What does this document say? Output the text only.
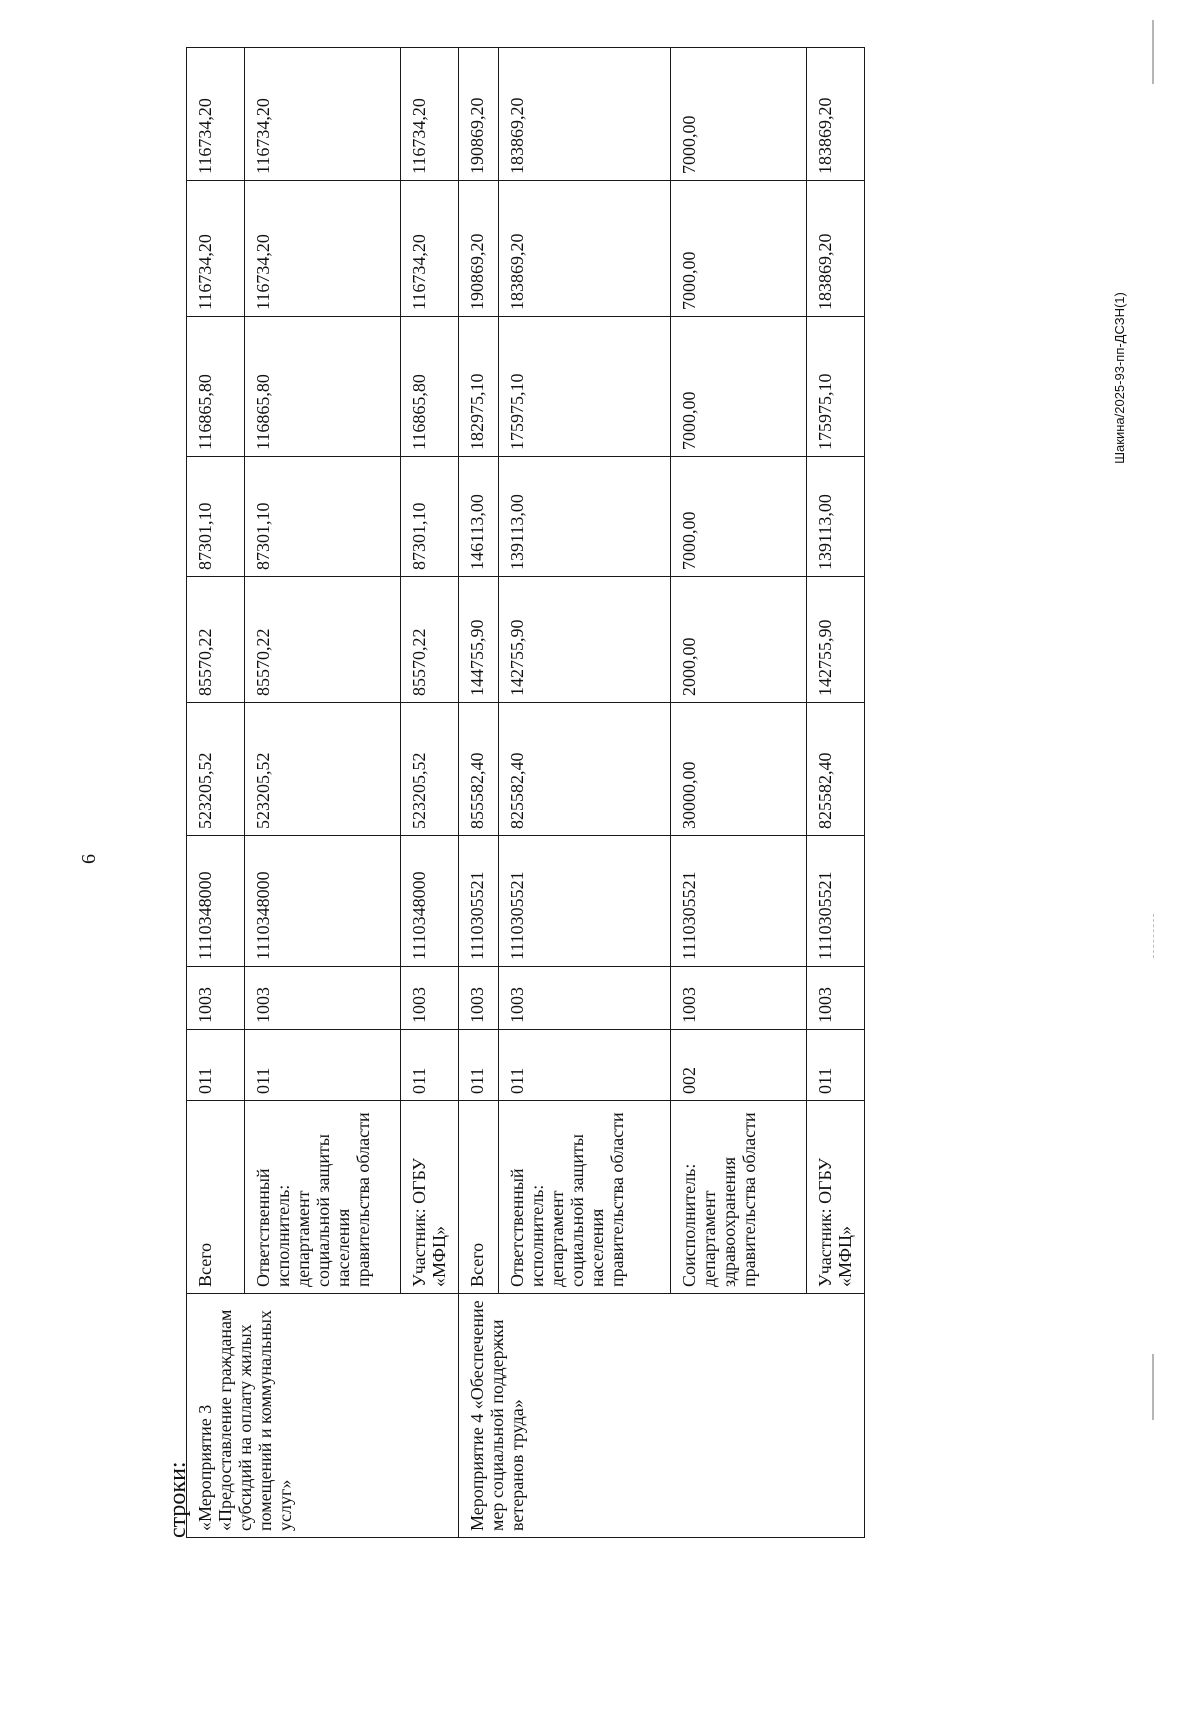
6
строки: «Мероприятие 3 «Предоставление гражданам субсидий на оплату жилых помещений и коммунальных услуг»	Всего	011	1003	1110348000	523205,52	85570,22	87301,10	116865,80	116734,20	116734,20
	Ответственный исполнитель: департамент социальной защиты населения правительства области	011	1003	1110348000	523205,52	85570,22	87301,10	116865,80	116734,20	116734,20
	Участник: ОГБУ «МФЦ»	011	1003	1110348000	523205,52	85570,22	87301,10	116865,80	116734,20	116734,20
Мероприятие 4 «Обеспечение мер социальной поддержки ветеранов труда»	Всего	011	1003	1110305521	855582,40	144755,90	146113,00	182975,10	190869,20	190869,20
	Ответственный исполнитель: департамент социальной защиты населения правительства области	011	1003	1110305521	825582,40	142755,90	139113,00	175975,10	183869,20	183869,20
	Соисполнитель: департамент здравоохранения правительства области	002	1003	1110305521	30000,00	2000,00	7000,00	7000,00	7000,00	7000,00
	Участник: ОГБУ «МФЦ»	011	1003	1110305521	825582,40	142755,90	139113,00	175975,10	183869,20	183869,20
Шакина/2025-93-пп-ДСЗН(1)
